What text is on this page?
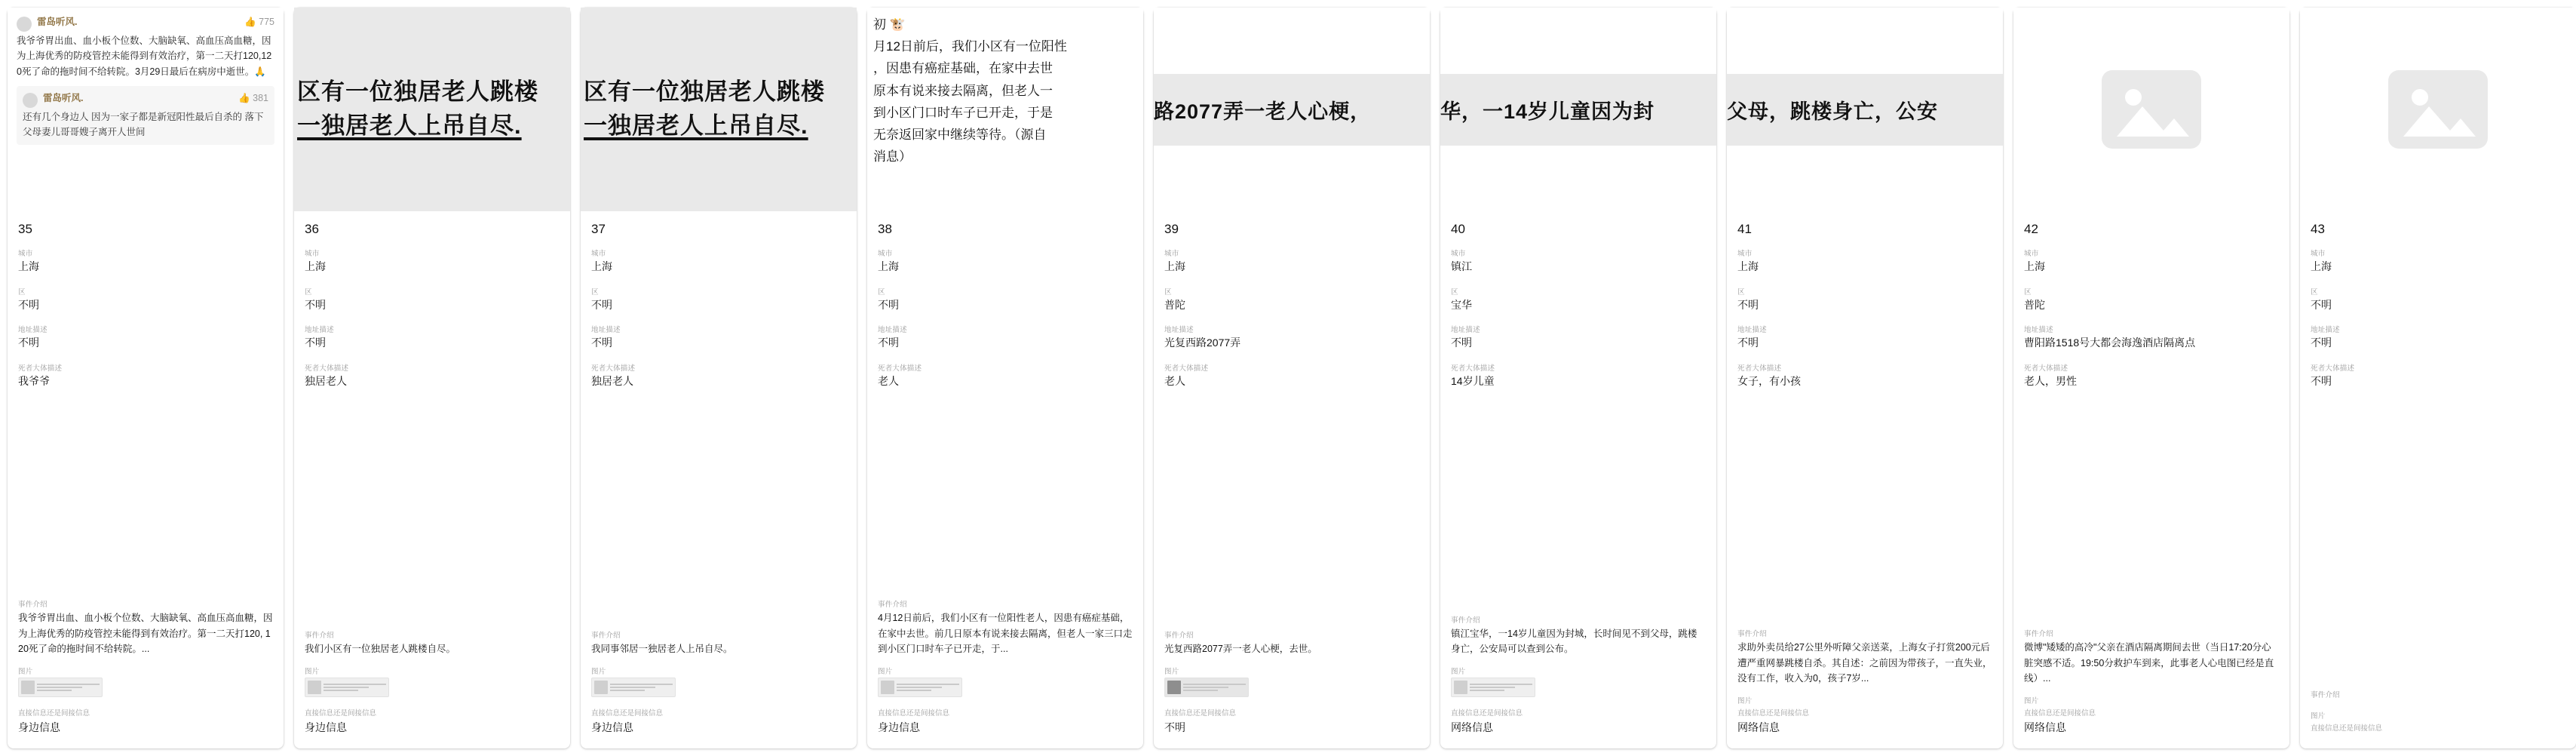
雷岛听风.	👍 775
我爷爷胃出血、血小板个位数、大脑缺氧、高血压高血糖，因为上海优秀的防疫管控未能得到有效治疗，第一二天打120,120死了命的拖时间不给转院。3月29日最后在病房中逝世。🙏
雷岛听风.	👍 381
还有几个身边人 因为一家子都是新冠阳性最后自杀的 落下父母妻儿哥哥嫂子离开人世间
35
城市
上海
区
不明
地址描述
不明
死者大体描述
我爷爷
事件介绍
我爷爷胃出血、血小板个位数、大脑缺氧、高血压高血糖，因为上海优秀的防疫管控未能得到有效治疗。第一二天打120, 120死了命的拖时间不给转院。...
图片
直接信息还是间接信息
身边信息
区有一位独居老人跳楼
一独居老人上吊自尽.
36
城市
上海
区
不明
地址描述
不明
死者大体描述
独居老人
事件介绍
我们小区有一位独居老人跳楼自尽。
图片
直接信息还是间接信息
身边信息
区有一位独居老人跳楼
一独居老人上吊自尽.
37
城市
上海
区
不明
地址描述
不明
死者大体描述
独居老人
事件介绍
我同事邻居一独居老人上吊自尽。
图片
直接信息还是间接信息
身边信息
初 🐮
月12日前后，我们小区有一位阳性
，因患有癌症基础，在家中去世
原本有说来接去隔离，但老人一
到小区门口时车子已开走，于是
无奈返回家中继续等待。（源自
消息）
38
城市
上海
区
不明
地址描述
不明
死者大体描述
老人
事件介绍
4月12日前后，我们小区有一位阳性老人，因患有癌症基础，在家中去世。前几日原本有说来接去隔离，但老人一家三口走到小区门口时车子已开走，于...
图片
直接信息还是间接信息
身边信息
路2077弄一老人心梗，
39
城市
上海
区
普陀
地址描述
光复西路2077弄
死者大体描述
老人
事件介绍
光复西路2077弄一老人心梗，去世。
图片
直接信息还是间接信息
不明
华，一14岁儿童因为封
40
城市
镇江
区
宝华
地址描述
不明
死者大体描述
14岁儿童
事件介绍
镇江宝华，一14岁儿童因为封城，长时间见不到父母，跳楼身亡，公安局可以查到公布。
图片
直接信息还是间接信息
网络信息
父母，跳楼身亡，公安
41
城市
上海
区
不明
地址描述
不明
死者大体描述
女子，有小孩
事件介绍
求助外卖员给27公里外听障父亲送菜，上海女子打赏200元后遭严重网暴跳楼自杀。其自述：之前因为带孩子，一直失业，没有工作，收入为0，孩子7岁...
图片
直接信息还是间接信息
网络信息
42
城市
上海
区
普陀
地址描述
曹阳路1518号大都会海逸酒店隔离点
死者大体描述
老人，男性
事件介绍
微博"矮矮的高冷"父亲在酒店隔离期间去世（当日17:20分心脏突感不适。19:50分救护车到来，此事老人心电图已经是直线）...
图片
直接信息还是间接信息
网络信息
43
城市
上海
区
不明
地址描述
不明
死者大体描述
不明
事件介绍
图片
直接信息还是间接信息
